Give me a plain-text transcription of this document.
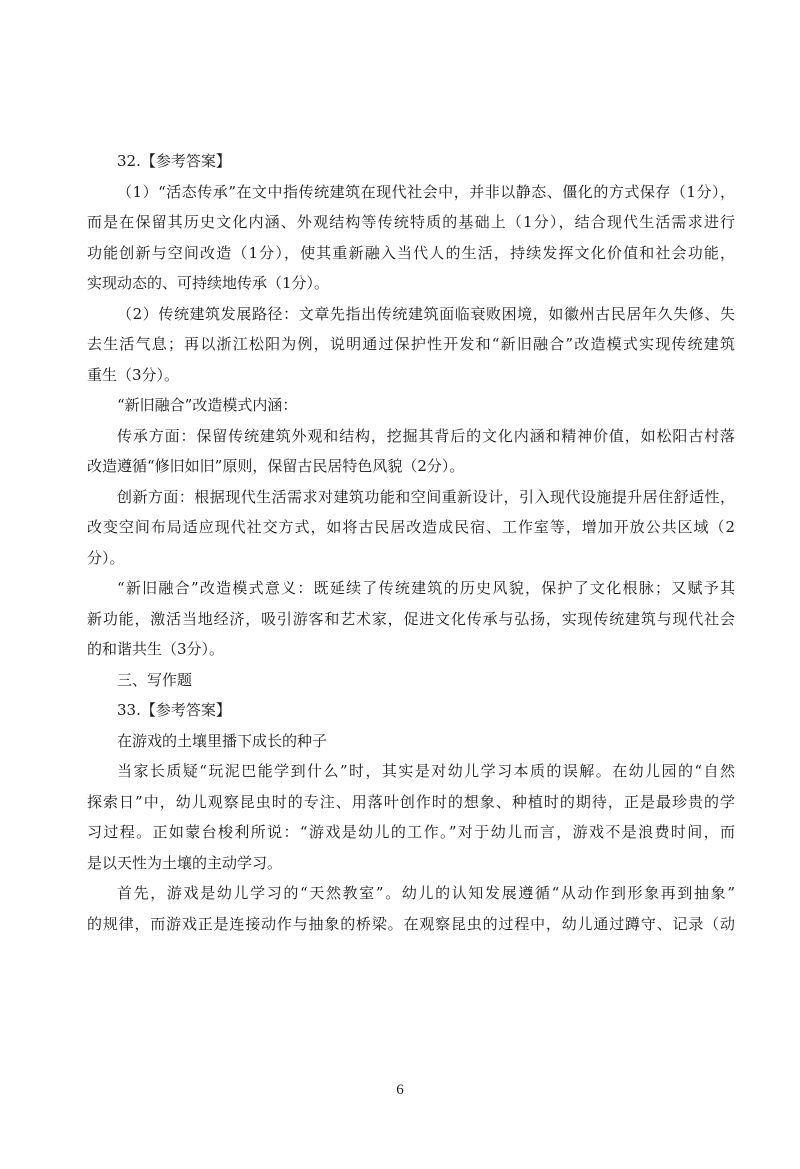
32.【参考答案】
（1）“活态传承”在文中指传统建筑在现代社会中，并非以静态、僵化的方式保存（1分），
而是在保留其历史文化内涵、外观结构等传统特质的基础上（1分），结合现代生活需求进行
功能创新与空间改造（1分），使其重新融入当代人的生活，持续发挥文化价值和社会功能，
实现动态的、可持续地传承（1分）。
（2）传统建筑发展路径：文章先指出传统建筑面临衰败困境，如徽州古民居年久失修、失
去生活气息；再以浙江松阳为例，说明通过保护性开发和“新旧融合”改造模式实现传统建筑
重生（3分）。
“新旧融合”改造模式内涵：
传承方面：保留传统建筑外观和结构，挖掘其背后的文化内涵和精神价值，如松阳古村落
改造遵循“修旧如旧”原则，保留古民居特色风貌（2分）。
创新方面：根据现代生活需求对建筑功能和空间重新设计，引入现代设施提升居住舒适性，
改变空间布局适应现代社交方式，如将古民居改造成民宿、工作室等，增加开放公共区域（2
分）。
“新旧融合”改造模式意义：既延续了传统建筑的历史风貌，保护了文化根脉；又赋予其
新功能，激活当地经济，吸引游客和艺术家，促进文化传承与弘扬，实现传统建筑与现代社会
的和谐共生（3分）。
三、写作题
33.【参考答案】
在游戏的土壤里播下成长的种子
当家长质疑“玩泥巴能学到什么”时，其实是对幼儿学习本质的误解。在幼儿园的“自然
探索日”中，幼儿观察昆虫时的专注、用落叶创作时的想象、种植时的期待，正是最珍贵的学
习过程。正如蒙台梭利所说：“游戏是幼儿的工作。”对于幼儿而言，游戏不是浪费时间，而
是以天性为土壤的主动学习。
首先，游戏是幼儿学习的“天然教室”。幼儿的认知发展遵循“从动作到形象再到抽象”
的规律，而游戏正是连接动作与抽象的桥梁。在观察昆虫的过程中，幼儿通过蹲守、记录（动
6
